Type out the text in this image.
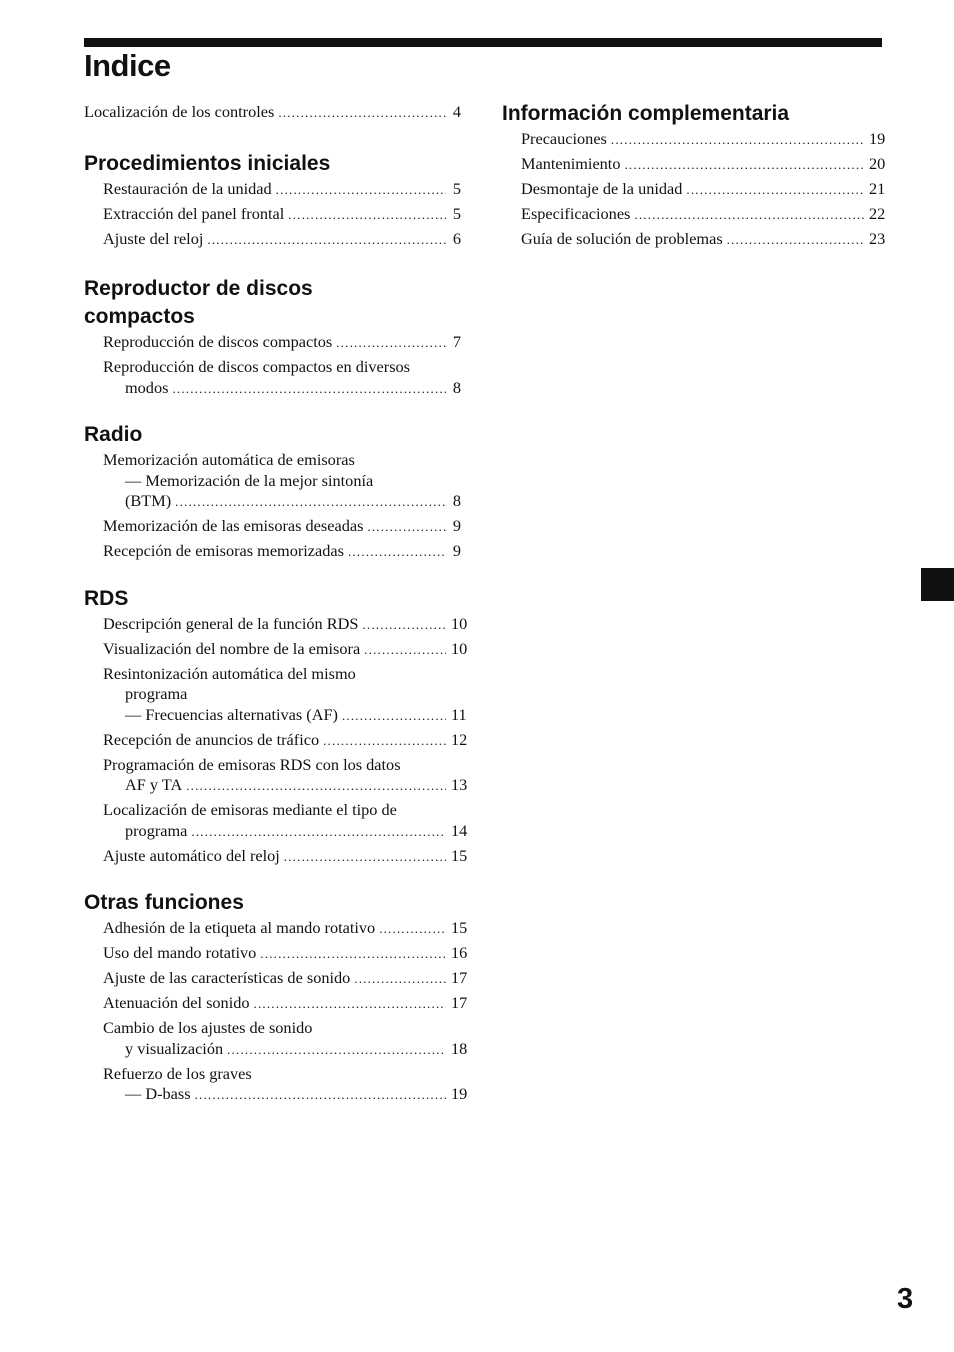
Indice
Localización de los controles .....	4
Procedimientos iniciales
Restauración de la unidad .....	5
Extracción del panel frontal .....	5
Ajuste del reloj .....	6
Reproductor de discos
compactos
Reproducción de discos compactos .....	7
Reproducción de discos compactos en diversos
modos .....	8
Radio
Memorización automática de emisoras
— Memorización de la mejor sintonía
(BTM) .....	8
Memorización de las emisoras deseadas .....	9
Recepción de emisoras memorizadas .....	9
RDS
Descripción general de la función RDS .....	10
Visualización del nombre de la emisora .....	10
Resintonización automática del mismo
programa
— Frecuencias alternativas (AF) .....	11
Recepción de anuncios de tráfico .....	12
Programación de emisoras RDS con los datos
AF y TA .....	13
Localización de emisoras mediante el tipo de
programa .....	14
Ajuste automático del reloj .....	15
Otras funciones
Adhesión de la etiqueta al mando rotativo .....	15
Uso del mando rotativo .....	16
Ajuste de las características de sonido .....	17
Atenuación del sonido .....	17
Cambio de los ajustes de sonido
y visualización .....	18
Refuerzo de los graves
— D-bass .....	19
Información complementaria
Precauciones .....	19
Mantenimiento .....	20
Desmontaje de la unidad .....	21
Especificaciones .....	22
Guía de solución de problemas .....	23
3
